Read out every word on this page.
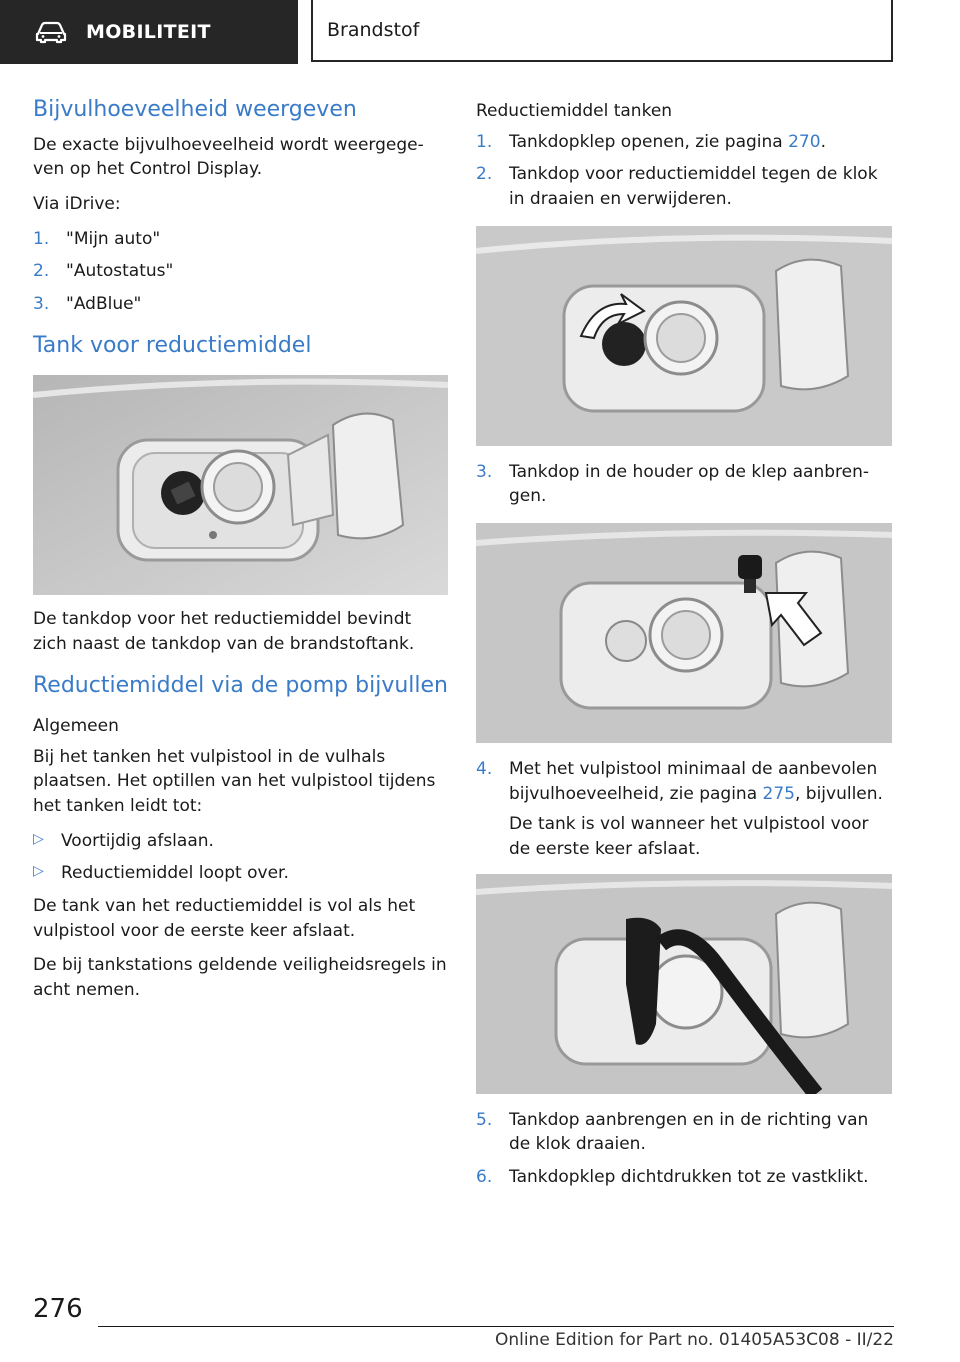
MOBILITEIT	Brandstof
Bijvulhoeveelheid weergeven

De exacte bijvulhoeveelheid wordt weergege-ven op het Control Display.

Via iDrive:

1. "Mijn auto"
2. "Autostatus"
3. "AdBlue"
Tank voor reductiemiddel

De tankdop voor het reductiemiddel bevindt zich naast de tankdop van de brandstoftank.

Reductiemiddel via de pomp bijvullen
Algemeen

Bij het tanken het vulpistool in de vulhals plaatsen. Het optillen van het vulpistool tijdens het tanken leidt tot:

▷	Voortijdig afslaan.
▷	Reductiemiddel loopt over.

De tank van het reductiemiddel is vol als het vulpistool voor de eerste keer afslaat.

De bij tankstations geldende veiligheidsregels in acht nemen.

Reductiemiddel tanken
1. Tankdopklep openen, zie pagina 270.
2. Tankdop voor reductiemiddel tegen de klok in draaien en verwijderen.
3. Tankdop in de houder op de klep aanbren-gen.
4. Met het vulpistool minimaal de aanbevolen bijvulhoeveelheid, zie pagina 275, bijvullen.
De tank is vol wanneer het vulpistool voor de eerste keer afslaat.
5. Tankdop aanbrengen en in de richting van de klok draaien.
6. Tankdopklep dichtdrukken tot ze vastklikt.
276
Online Edition for Part no. 01405A53C08 - II/22
